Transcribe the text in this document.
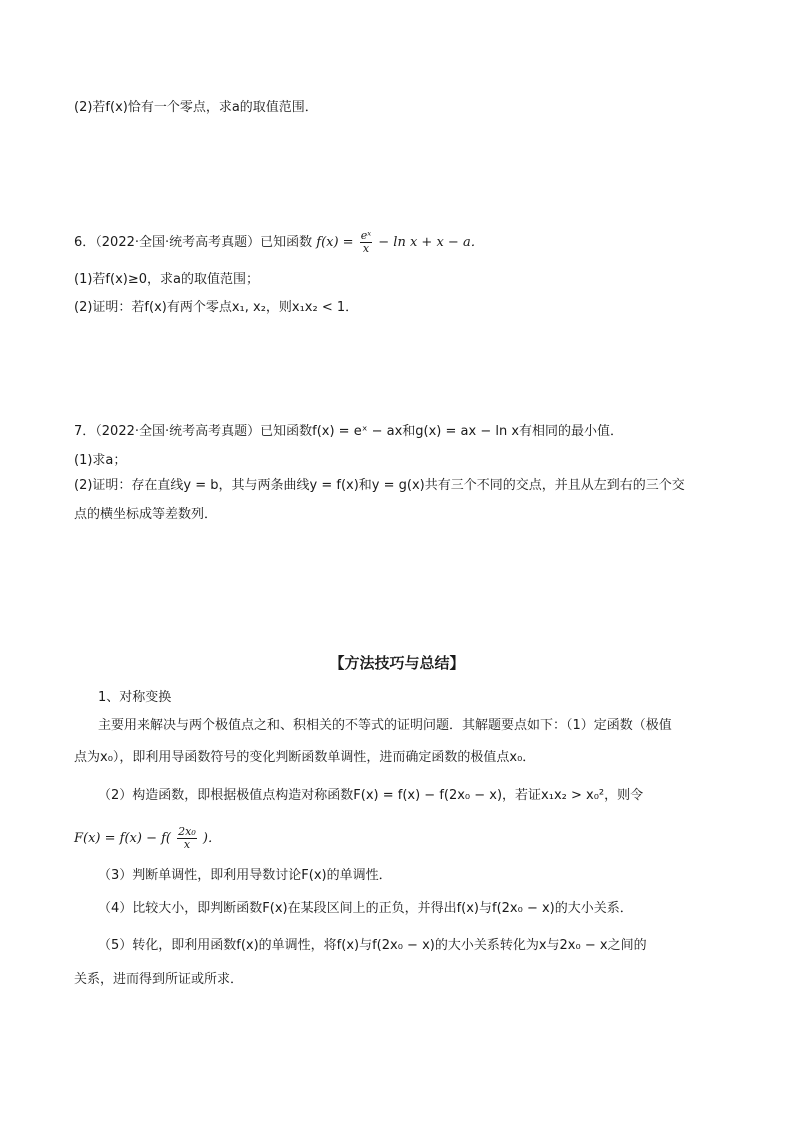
(2)若f(x)恰有一个零点，求a的取值范围．
6．（2022·全国·统考高考真题）已知函数 $f(x) = \frac{\text{eˣ}}{x} - \ln x + x - a$．
(1)若f(x)≥0，求a的取值范围；
(2)证明：若f(x)有两个零点x₁, x₂，则x₁x₂ < 1．
7．（2022·全国·统考高考真题）已知函数f(x) = eˣ − ax和g(x) = ax − ln x有相同的最小值．
(1)求a；
(2)证明：存在直线y = b，其与两条曲线y = f(x)和y = g(x)共有三个不同的交点，并且从左到右的三个交
点的横坐标成等差数列．
【方法技巧与总结】
1、对称变换
主要用来解决与两个极值点之和、积相关的不等式的证明问题．其解题要点如下：（1）定函数（极值
点为x₀），即利用导函数符号的变化判断函数单调性，进而确定函数的极值点x₀．
（2）构造函数，即根据极值点构造对称函数F(x) = f(x) − f(2x₀ − x)，若证x₁x₂ > x₀²，则令
$F(x) = f(x) - f( \frac{\text{2x₀}}{x}$ )．
（3）判断单调性，即利用导数讨论F(x)的单调性．
（4）比较大小，即判断函数F(x)在某段区间上的正负，并得出f(x)与f(2x₀ − x)的大小关系．
（5）转化，即利用函数f(x)的单调性，将f(x)与f(2x₀ − x)的大小关系转化为x与2x₀ − x之间的
关系，进而得到所证或所求．
